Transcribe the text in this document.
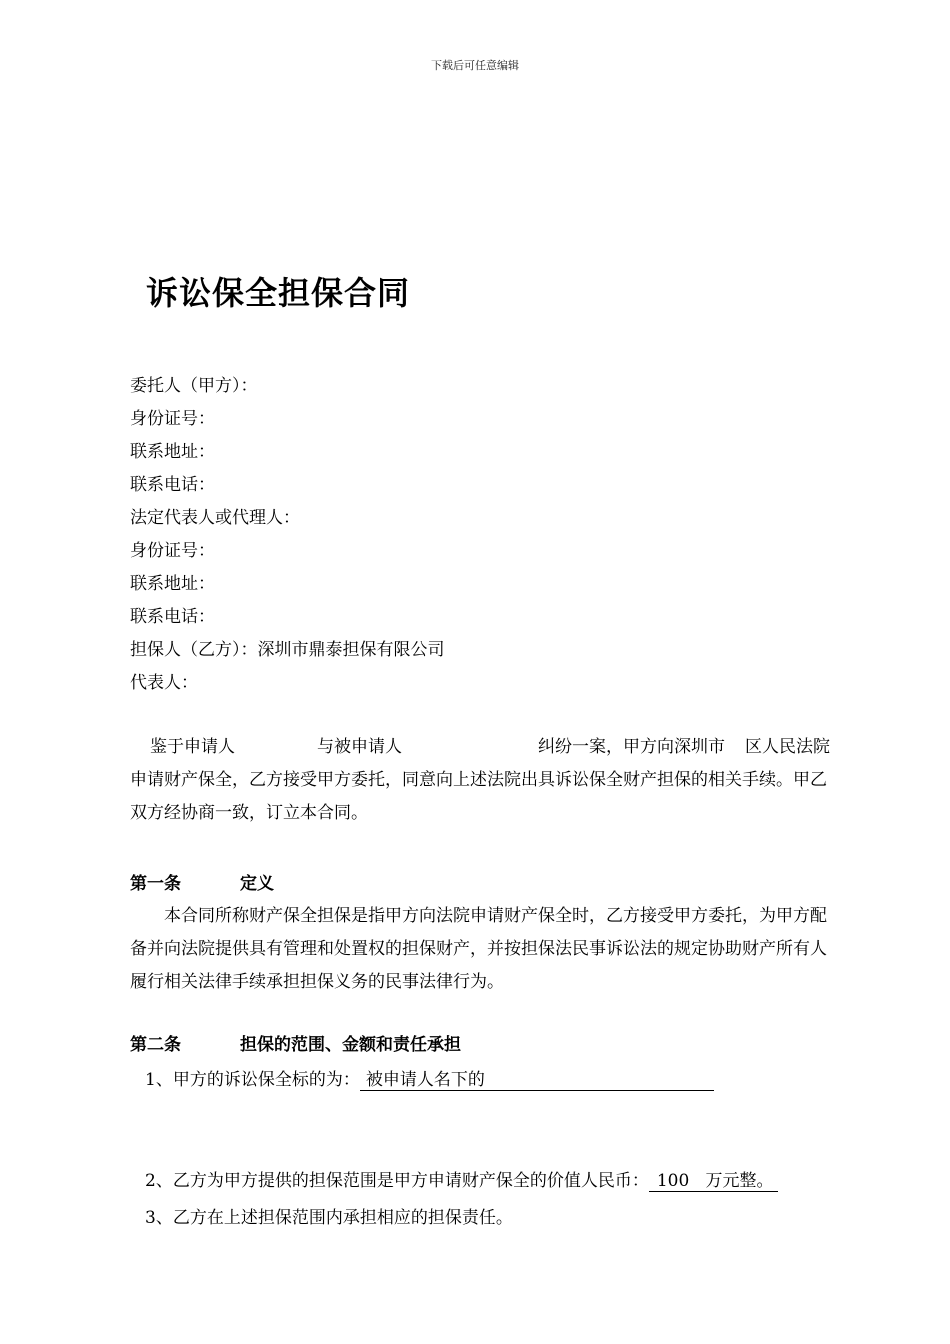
下载后可任意编辑
诉讼保全担保合同
委托人（甲方）：
身份证号：
联系地址：
联系电话：
法定代表人或代理人：
身份证号：
联系地址：
联系电话：
担保人（乙方）：深圳市鼎泰担保有限公司
代表人：
鉴于申请人	与被申请人	纠纷一案，甲方向深圳市 区人民法院申请财产保全，乙方接受甲方委托，同意向上述法院出具诉讼保全财产担保的相关手续。甲乙双方经协商一致，订立本合同。
第一条	定义
本合同所称财产保全担保是指甲方向法院申请财产保全时，乙方接受甲方委托，为甲方配备并向法院提供具有管理和处置权的担保财产，并按担保法民事诉讼法的规定协助财产所有人履行相关法律手续承担担保义务的民事法律行为。
第二条	担保的范围、金额和责任承担
1、甲方的诉讼保全标的为： 被申请人名下的
2、乙方为甲方提供的担保范围是甲方申请财产保全的价值人民币： 100   万元整。
3、乙方在上述担保范围内承担相应的担保责任。
